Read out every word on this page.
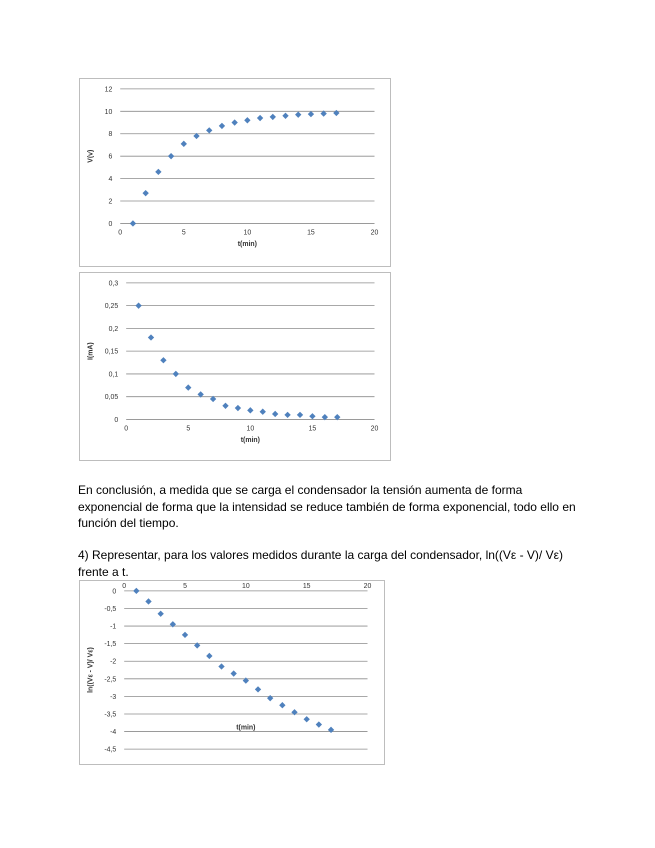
0
2
4
6
8
10
12
0	5	10	15	20
t(min)
V(v)
0
0,05
0,1
0,15
0,2
0,25
0,3
0	5	10	15	20
t(min)
I(mA)

En conclusión, a medida que se carga el condensador la tensión aumenta de forma exponencial de forma que la intensidad se reduce también de forma exponencial, todo ello en función del tiempo.

4) Representar, para los valores medidos durante la carga del condensador, ln((Vε - V)/ Vε) frente a t.

0
-0,5
-1
-1,5
-2
-2,5
-3
-3,5
-4
-4,5
0	5	10	15	20
t(min)
ln((Vε - V)/ Vε)
